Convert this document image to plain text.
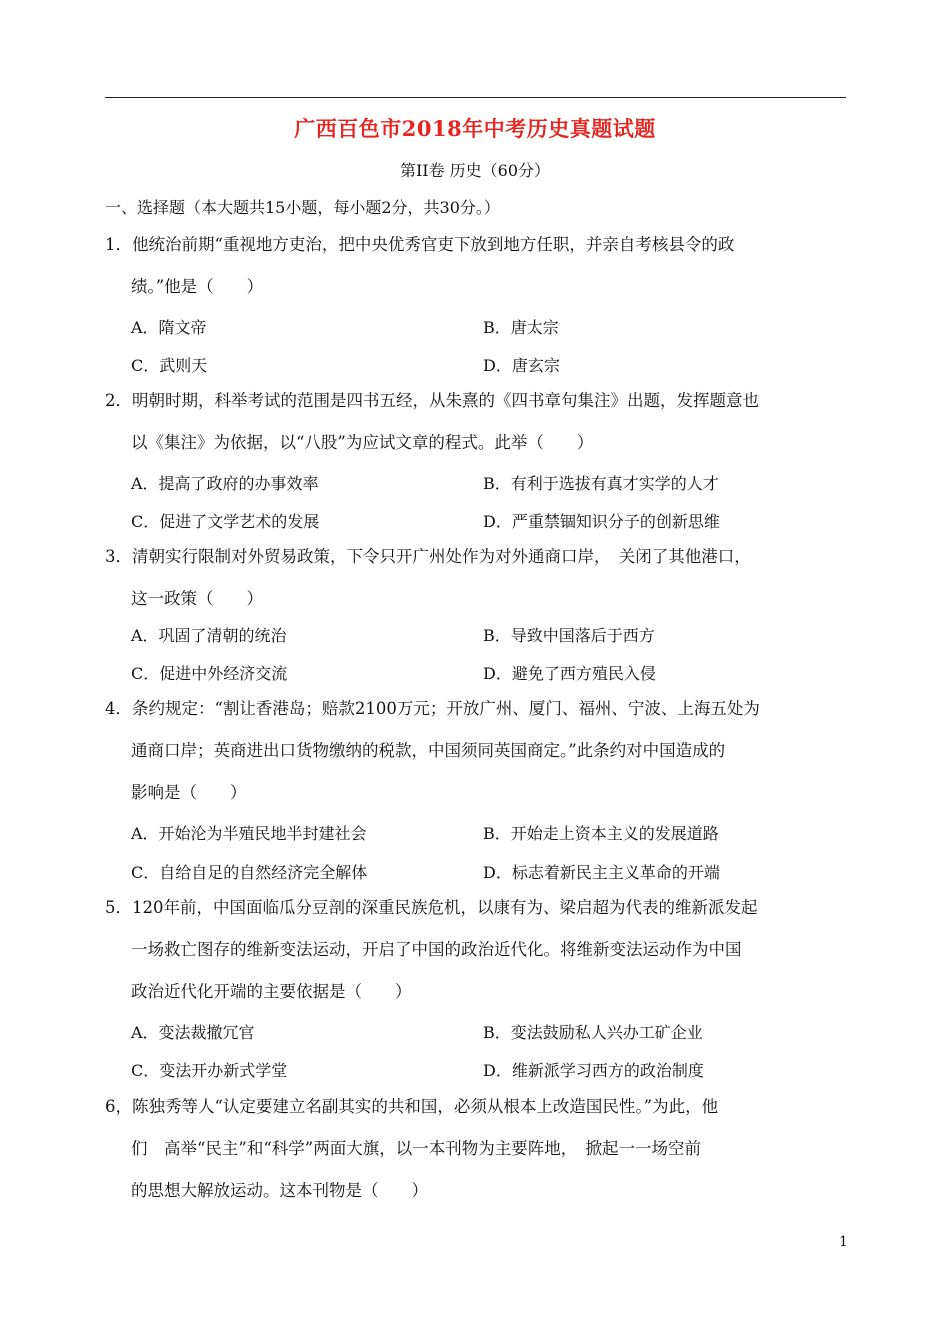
广西百色市2018年中考历史真题试题
第II卷 历史（60分）
一、选择题（本大题共15小题，每小题2分，共30分。）
1．他统治前期“重视地方吏治，把中央优秀官吏下放到地方任职，并亲自考核县令的政
绩。”他是（　　）
A．隋文帝	B．唐太宗
C．武则天	D．唐玄宗
2．明朝时期，科举考试的范围是四书五经，从朱熹的《四书章句集注》出题，发挥题意也
以《集注》为依据，以“八股”为应试文章的程式。此举（　　）
A．提高了政府的办事效率	B．有利于选拔有真才实学的人才
C．促进了文学艺术的发展	D．严重禁锢知识分子的创新思维
3．清朝实行限制对外贸易政策，下令只开广州处作为对外通商口岸，　关闭了其他港口，
这一政策（　　）
A．巩固了清朝的统治	B．导致中国落后于西方
C．促进中外经济交流	D．避免了西方殖民入侵
4．条约规定：“割让香港岛；赔款2100万元；开放广州、厦门、福州、宁波、上海五处为
通商口岸；英商进出口货物缴纳的税款，中国须同英国商定。”此条约对中国造成的
影响是（　　）
A．开始沦为半殖民地半封建社会	B．开始走上资本主义的发展道路
C．自给自足的自然经济完全解体	D．标志着新民主主义革命的开端
5．120年前，中国面临瓜分豆剖的深重民族危机，以康有为、梁启超为代表的维新派发起
一场救亡图存的维新变法运动，开启了中国的政治近代化。将维新变法运动作为中国
政治近代化开端的主要依据是（　　）
A．变法裁撤冗官	B．变法鼓励私人兴办工矿企业
C．变法开办新式学堂	D．维新派学习西方的政治制度
6，陈独秀等人“认定要建立名副其实的共和国，必须从根本上改造国民性。”为此，他
们　高举“民主”和“科学”两面大旗，以一本刊物为主要阵地，　掀起一一场空前
的思想大解放运动。这本刊物是（　　）
1
